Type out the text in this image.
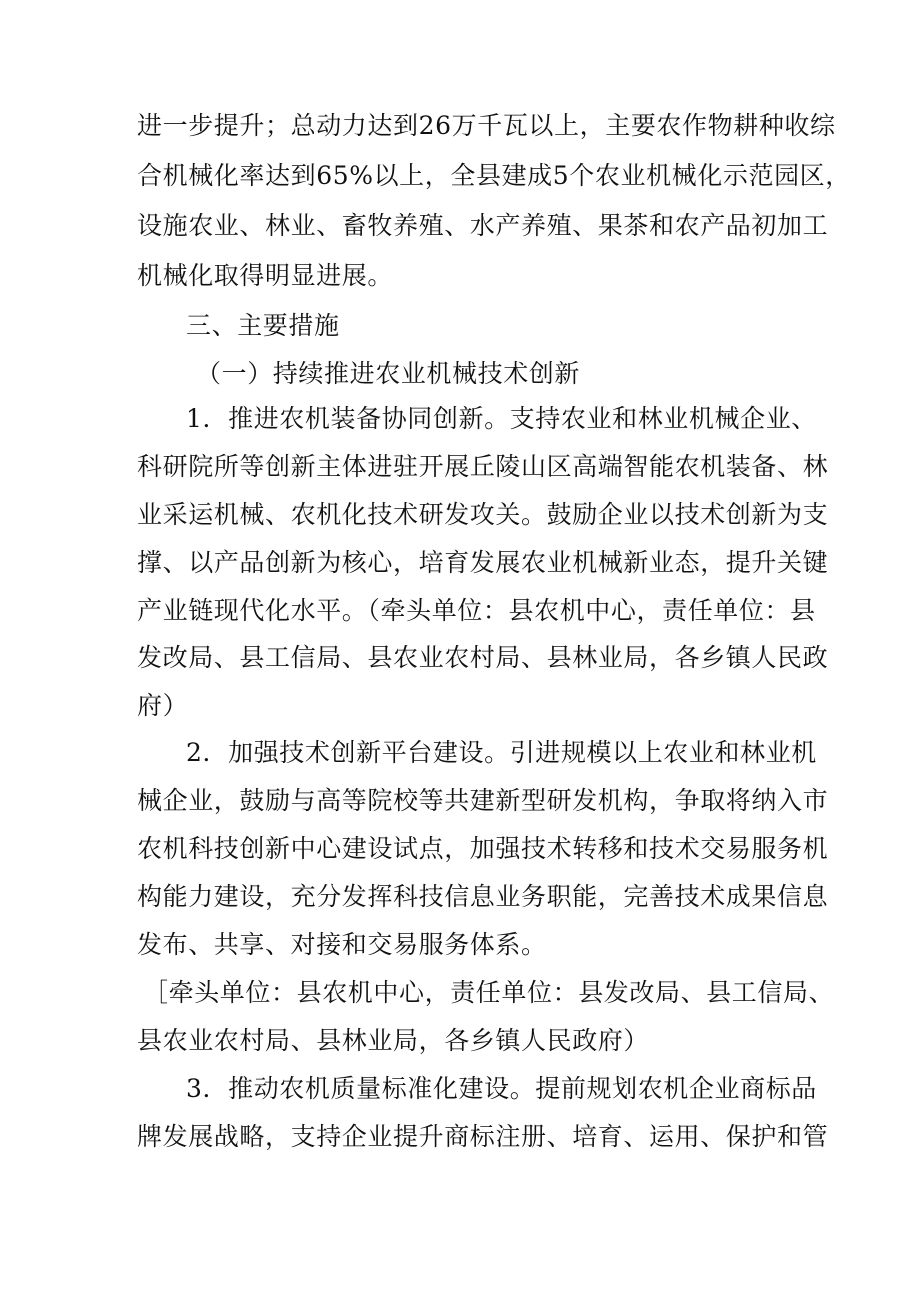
进一步提升；总动力达到26万千瓦以上，主要农作物耕种收综
合机械化率达到65%以上，全县建成5个农业机械化示范园区，
设施农业、林业、畜牧养殖、水产养殖、果茶和农产品初加工
机械化取得明显进展。
三、主要措施
（一）持续推进农业机械技术创新
1．推进农机装备协同创新。支持农业和林业机械企业、
科研院所等创新主体进驻开展丘陵山区高端智能农机装备、林
业采运机械、农机化技术研发攻关。鼓励企业以技术创新为支
撑、以产品创新为核心，培育发展农业机械新业态，提升关键
产业链现代化水平。（牵头单位：县农机中心，责任单位：县
发改局、县工信局、县农业农村局、县林业局，各乡镇人民政
府）
2．加强技术创新平台建设。引进规模以上农业和林业机
械企业，鼓励与高等院校等共建新型研发机构，争取将纳入市
农机科技创新中心建设试点，加强技术转移和技术交易服务机
构能力建设，充分发挥科技信息业务职能，完善技术成果信息
发布、共享、对接和交易服务体系。
［牵头单位：县农机中心，责任单位：县发改局、县工信局、
县农业农村局、县林业局，各乡镇人民政府）
3．推动农机质量标准化建设。提前规划农机企业商标品
牌发展战略，支持企业提升商标注册、培育、运用、保护和管
